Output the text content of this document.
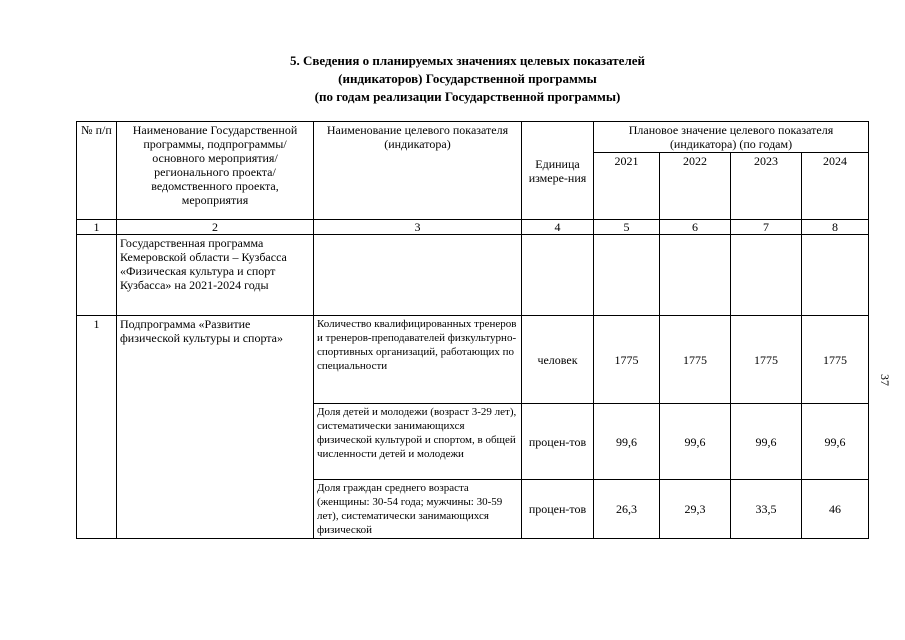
5. Сведения о планируемых значениях целевых показателей
(индикаторов) Государственной программы
(по годам реализации Государственной программы)
№ п/п	Наименование Государственной программы, подпрограммы/основного мероприятия/регионального проекта/ведомственного проекта, мероприятия	Наименование целевого показателя (индикатора)	Единица измере-ния	Плановое значение целевого показателя (индикатора) (по годам)			
				2021	2022	2023	2024
1	2	3	4	5	6	7	8
	Государственная программа Кемеровской области – Кузбасса «Физическая культура и спорт Кузбасса» на 2021-2024 годы						
1	Подпрограмма «Развитие физической культуры и спорта»	Количество квалифицированных тренеров и тренеров-преподавателей физкультурно-спортивных организаций, работающих по специальности	человек	1775	1775	1775	1775
		Доля детей и молодежи (возраст 3-29 лет), систематически занимающихся физической культурой и спортом, в общей численности детей и молодежи	процен-тов	99,6	99,6	99,6	99,6
		Доля граждан среднего возраста (женщины: 30-54 года; мужчины: 30-59 лет), систематически занимающихся физической	процен-тов	26,3	29,3	33,5	46
37
